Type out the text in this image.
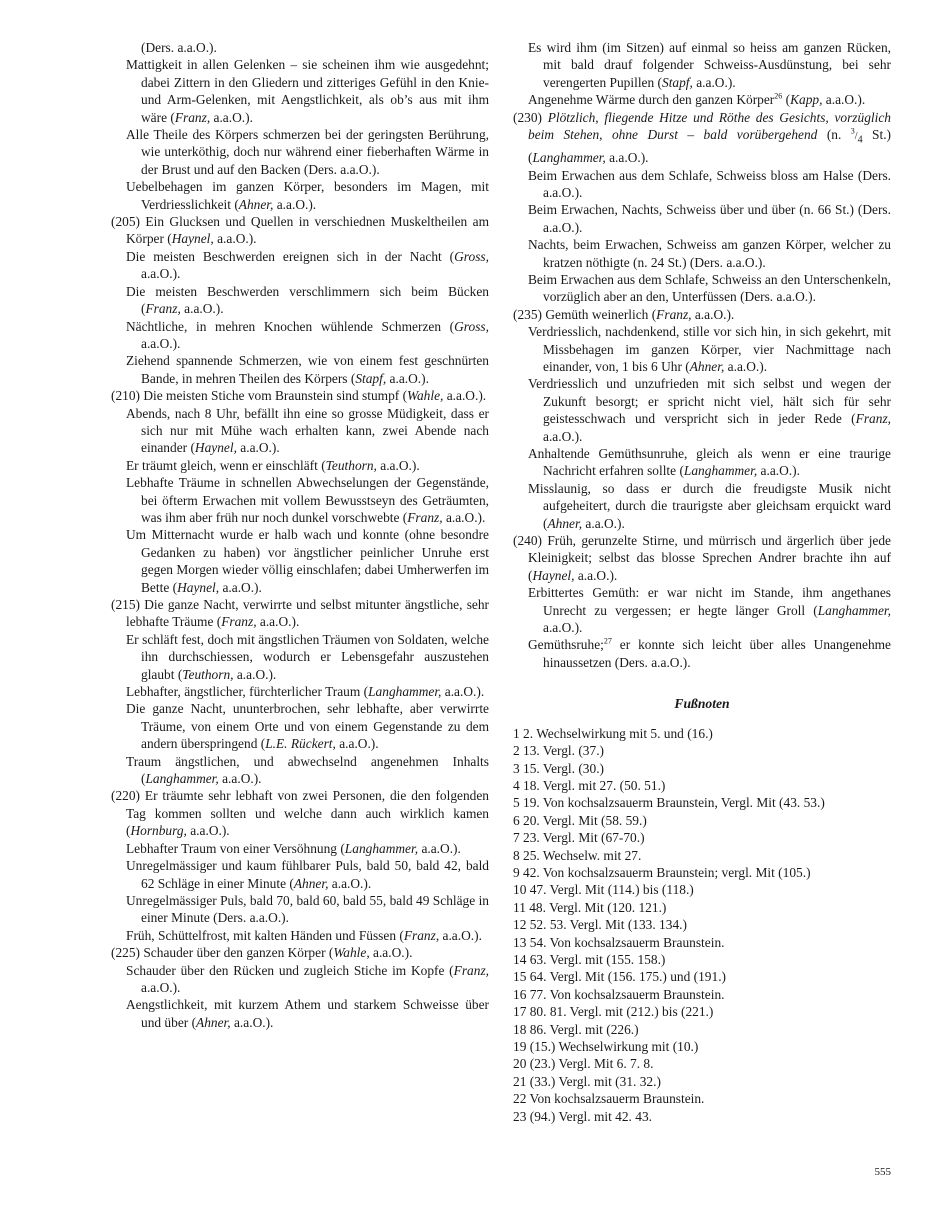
(Ders. a.a.O.).

Mattigkeit in allen Gelenken – sie scheinen ihm wie ausgedehnt; dabei Zittern in den Gliedern und zitteriges Gefühl in den Knie- und Arm-Gelenken, mit Aengstlichkeit, als ob’s aus mit ihm wäre (Franz, a.a.O.).

Alle Theile des Körpers schmerzen bei der geringsten Berührung, wie unterköthig, doch nur während einer fieberhaften Wärme in der Brust und auf den Backen (Ders. a.a.O.).

Uebelbehagen im ganzen Körper, besonders im Magen, mit Verdriesslichkeit (Ahner, a.a.O.).

(205) Ein Glucksen und Quellen in verschiednen Muskeltheilen am Körper (Haynel, a.a.O.).

Die meisten Beschwerden ereignen sich in der Nacht (Gross, a.a.O.).

Die meisten Beschwerden verschlimmern sich beim Bücken (Franz, a.a.O.).

Nächtliche, in mehren Knochen wühlende Schmerzen (Gross, a.a.O.).

Ziehend spannende Schmerzen, wie von einem fest geschnürten Bande, in mehren Theilen des Körpers (Stapf, a.a.O.).

(210) Die meisten Stiche vom Braunstein sind stumpf (Wahle, a.a.O.).

Abends, nach 8 Uhr, befällt ihn eine so grosse Müdigkeit, dass er sich nur mit Mühe wach erhalten kann, zwei Abende nach einander (Haynel, a.a.O.).

Er träumt gleich, wenn er einschläft (Teuthorn, a.a.O.).

Lebhafte Träume in schnellen Abwechselungen der Gegenstände, bei öfterm Erwachen mit vollem Bewusstseyn des Geträumten, was ihm aber früh nur noch dunkel vorschwebte (Franz, a.a.O.).

Um Mitternacht wurde er halb wach und konnte (ohne besondre Gedanken zu haben) vor ängstlicher peinlicher Unruhe erst gegen Morgen wieder völlig einschlafen; dabei Umherwerfen im Bette (Haynel, a.a.O.).

(215) Die ganze Nacht, verwirrte und selbst mitunter ängstliche, sehr lebhafte Träume (Franz, a.a.O.).

Er schläft fest, doch mit ängstlichen Träumen von Soldaten, welche ihn durchschiessen, wodurch er Lebensgefahr auszustehen glaubt (Teuthorn, a.a.O.).

Lebhafter, ängstlicher, fürchterlicher Traum (Langhammer, a.a.O.).

Die ganze Nacht, ununterbrochen, sehr lebhafte, aber verwirrte Träume, von einem Orte und von einem Gegenstande zu dem andern überspringend (L.E. Rückert, a.a.O.).

Traum ängstlichen, und abwechselnd angenehmen Inhalts (Langhammer, a.a.O.).

(220) Er träumte sehr lebhaft von zwei Personen, die den folgenden Tag kommen sollten und welche dann auch wirklich kamen (Hornburg, a.a.O.).

Lebhafter Traum von einer Versöhnung (Langhammer, a.a.O.).

Unregelmässiger und kaum fühlbarer Puls, bald 50, bald 42, bald 62 Schläge in einer Minute (Ahner, a.a.O.).

Unregelmässiger Puls, bald 70, bald 60, bald 55, bald 49 Schläge in einer Minute (Ders. a.a.O.).

Früh, Schüttelfrost, mit kalten Händen und Füssen (Franz, a.a.O.).

(225) Schauder über den ganzen Körper (Wahle, a.a.O.).

Schauder über den Rücken und zugleich Stiche im Kopfe (Franz, a.a.O.).

Aengstlichkeit, mit kurzem Athem und starkem Schweisse über und über (Ahner, a.a.O.).

Es wird ihm (im Sitzen) auf einmal so heiss am ganzen Rücken, mit bald drauf folgender Schweiss-Ausdünstung, bei sehr verengerten Pupillen (Stapf, a.a.O.).

Angenehme Wärme durch den ganzen Körper$^{26}$ (Kapp, a.a.O.).

(230) Plötzlich, fliegende Hitze und Röthe des Gesichts, vorzüglich beim Stehen, ohne Durst – bald vorübergehend (n. $^3/_4$ St.) (Langhammer, a.a.O.).

Beim Erwachen aus dem Schlafe, Schweiss bloss am Halse (Ders. a.a.O.).

Beim Erwachen, Nachts, Schweiss über und über (n. 66 St.) (Ders. a.a.O.).

Nachts, beim Erwachen, Schweiss am ganzen Körper, welcher zu kratzen nöthigte (n. 24 St.) (Ders. a.a.O.).

Beim Erwachen aus dem Schlafe, Schweiss an den Unterschenkeln, vorzüglich aber an den, Unterfüssen (Ders. a.a.O.).

(235) Gemüth weinerlich (Franz, a.a.O.).

Verdriesslich, nachdenkend, stille vor sich hin, in sich gekehrt, mit Missbehagen im ganzen Körper, vier Nachmittage nach einander, von, 1 bis 6 Uhr (Ahner, a.a.O.).

Verdriesslich und unzufrieden mit sich selbst und wegen der Zukunft besorgt; er spricht nicht viel, hält sich für sehr geistesschwach und verspricht sich in jeder Rede (Franz, a.a.O.).

Anhaltende Gemüthsunruhe, gleich als wenn er eine traurige Nachricht erfahren sollte (Langhammer, a.a.O.).

Misslaunig, so dass er durch die freudigste Musik nicht aufgeheitert, durch die traurigste aber gleichsam erquickt ward (Ahner, a.a.O.).

(240) Früh, gerunzelte Stirne, und mürrisch und ärgerlich über jede Kleinigkeit; selbst das blosse Sprechen Andrer brachte ihn auf (Haynel, a.a.O.).

Erbittertes Gemüth: er war nicht im Stande, ihm angethanes Unrecht zu vergessen; er hegte länger Groll (Langhammer, a.a.O.).

Gemüthsruhe;$^{27}$ er konnte sich leicht über alles Unangenehme hinaussetzen (Ders. a.a.O.).

Fußnoten
1 2. Wechselwirkung mit 5. und (16.)
2 13. Vergl. (37.)
3 15. Vergl. (30.)
4 18. Vergl. mit 27. (50. 51.)
5 19. Von kochsalzsauerm Braunstein, Vergl. Mit (43. 53.)
6 20. Vergl. Mit (58. 59.)
7 23. Vergl. Mit (67-70.)
8 25. Wechselw. mit 27.
9 42. Von kochsalzsauerm Braunstein; vergl. Mit (105.)
10 47. Vergl. Mit (114.) bis (118.)
11 48. Vergl. Mit (120. 121.)
12 52. 53. Vergl. Mit (133. 134.)
13 54. Von kochsalzsauerm Braunstein.
14 63. Vergl. mit (155. 158.)
15 64. Vergl. Mit (156. 175.) und (191.)
16 77. Von kochsalzsauerm Braunstein.
17 80. 81. Vergl. mit (212.) bis (221.)
18 86. Vergl. mit (226.)
19 (15.) Wechselwirkung mit (10.)
20 (23.) Vergl. Mit 6. 7. 8.
21 (33.) Vergl. mit (31. 32.)
22 Von kochsalzsauerm Braunstein.
23 (94.) Vergl. mit 42. 43.
555
